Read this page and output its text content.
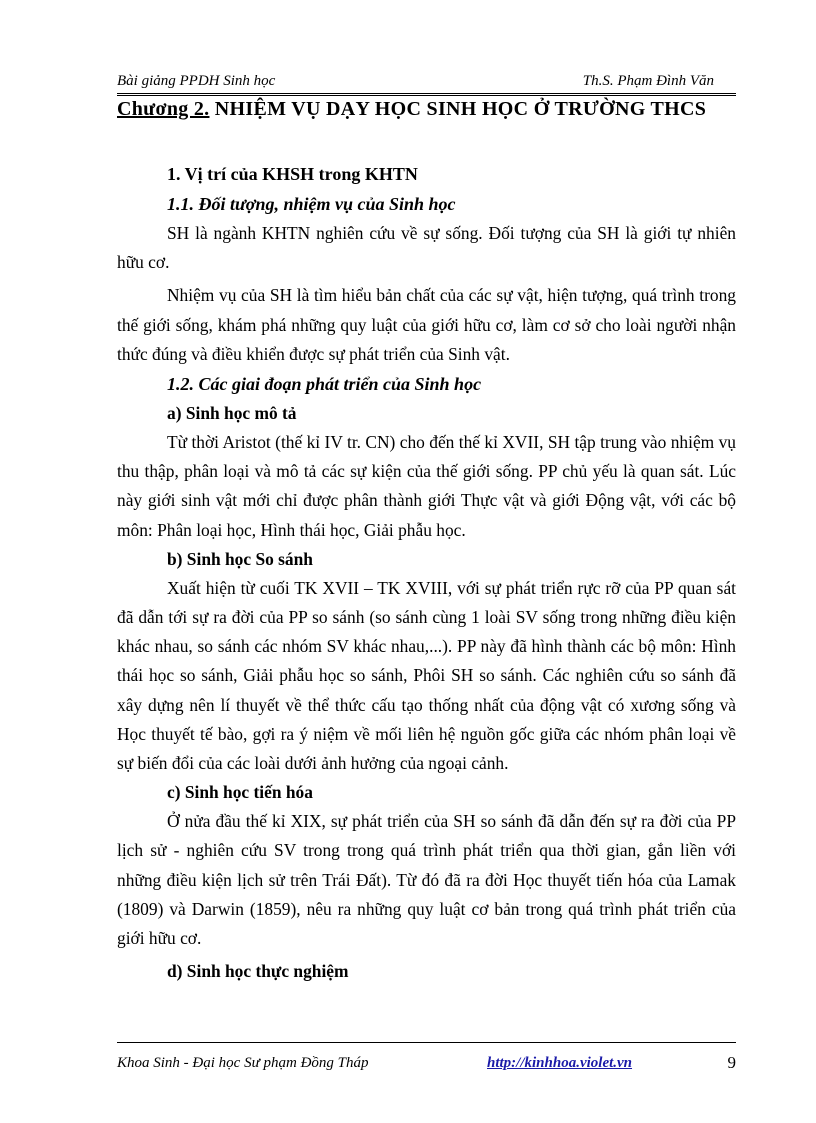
Bài giảng PPDH Sinh học	Th.S. Phạm Đình Văn
Chương 2. NHIỆM VỤ DẠY HỌC SINH HỌC Ở TRƯỜNG THCS
1. Vị trí của KHSH trong KHTN
1.1. Đối tượng, nhiệm vụ của Sinh học

SH là ngành KHTN nghiên cứu về sự sống. Đối tượng của SH là giới tự nhiên hữu cơ.

Nhiệm vụ của SH là tìm hiểu bản chất của các sự vật, hiện tượng, quá trình trong thế giới sống, khám phá những quy luật của giới hữu cơ, làm cơ sở cho loài người nhận thức đúng và điều khiển được sự phát triển của Sinh vật.

1.2. Các giai đoạn phát triển của Sinh học
a) Sinh học mô tả

Từ thời Aristot (thế kỉ IV tr. CN) cho đến thế kỉ XVII, SH tập trung vào nhiệm vụ thu thập, phân loại và mô tả các sự kiện của thế giới sống. PP chủ yếu là quan sát. Lúc này giới sinh vật mới chỉ được phân thành giới Thực vật và giới Động vật, với các bộ môn: Phân loại học, Hình thái học, Giải phẫu học.

b) Sinh học So sánh

Xuất hiện từ cuối TK XVII – TK XVIII, với sự phát triển rực rỡ của PP quan sát đã dẫn tới sự ra đời của PP so sánh (so sánh cùng 1 loài SV sống trong những điều kiện khác nhau, so sánh các nhóm SV khác nhau,...). PP này đã hình thành các bộ môn: Hình thái học so sánh, Giải phẫu học so sánh, Phôi SH so sánh. Các nghiên cứu so sánh đã xây dựng nên lí thuyết về thể thức cấu tạo thống nhất của động vật có xương sống và Học thuyết tế bào, gợi ra ý niệm về mối liên hệ nguồn gốc giữa các nhóm phân loại về sự biến đổi của các loài dưới ảnh hưởng của ngoại cảnh.

c) Sinh học tiến hóa

Ở nửa đầu thế kỉ XIX, sự phát triển của SH so sánh đã dẫn đến sự ra đời của PP lịch sử - nghiên cứu SV trong trong quá trình phát triển qua thời gian, gắn liền với những điều kiện lịch sử trên Trái Đất). Từ đó đã ra đời Học thuyết tiến hóa của Lamak (1809) và Darwin (1859), nêu ra những quy luật cơ bản trong quá trình phát triển của giới hữu cơ.

d) Sinh học thực nghiệm
Khoa Sinh - Đại học Sư phạm Đồng Tháp	http://kinhhoa.violet.vn	9
